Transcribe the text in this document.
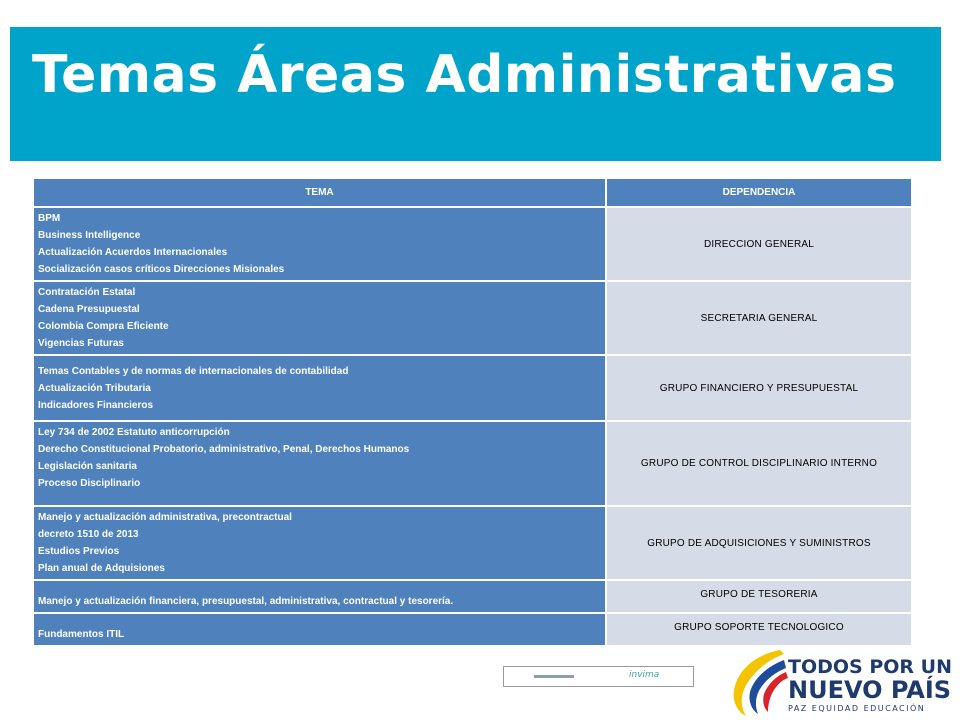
Temas Áreas Administrativas
TEMA	DEPENDENCIA

BPM
Business Intelligence
Actualización Acuerdos Internacionales
Socialización casos críticos Direcciones Misionales	DIRECCION GENERAL

Contratación Estatal
Cadena Presupuestal
Colombia Compra Eficiente
Vigencias Futuras	SECRETARIA GENERAL

Temas Contables y de normas de internacionales de contabilidad
Actualización Tributaria
Indicadores Financieros	GRUPO FINANCIERO Y PRESUPUESTAL

Ley 734 de 2002 Estatuto anticorrupción
Derecho Constitucional Probatorio, administrativo, Penal, Derechos Humanos
Legislación sanitaria
Proceso Disciplinario	GRUPO DE CONTROL DISCIPLINARIO INTERNO

Manejo y actualización administrativa, precontractual
decreto 1510 de 2013
Estudios Previos
Plan anual de Adquisiones	GRUPO DE ADQUISICIONES Y SUMINISTROS

Manejo y actualización financiera, presupuestal, administrativa, contractual y tesorería.	GRUPO DE TESORERIA

Fundamentos ITIL	GRUPO SOPORTE TECNOLOGICO
invima	TODOS POR UN
NUEVO PAÍS
PAZ EQUIDAD EDUCACIÓN
